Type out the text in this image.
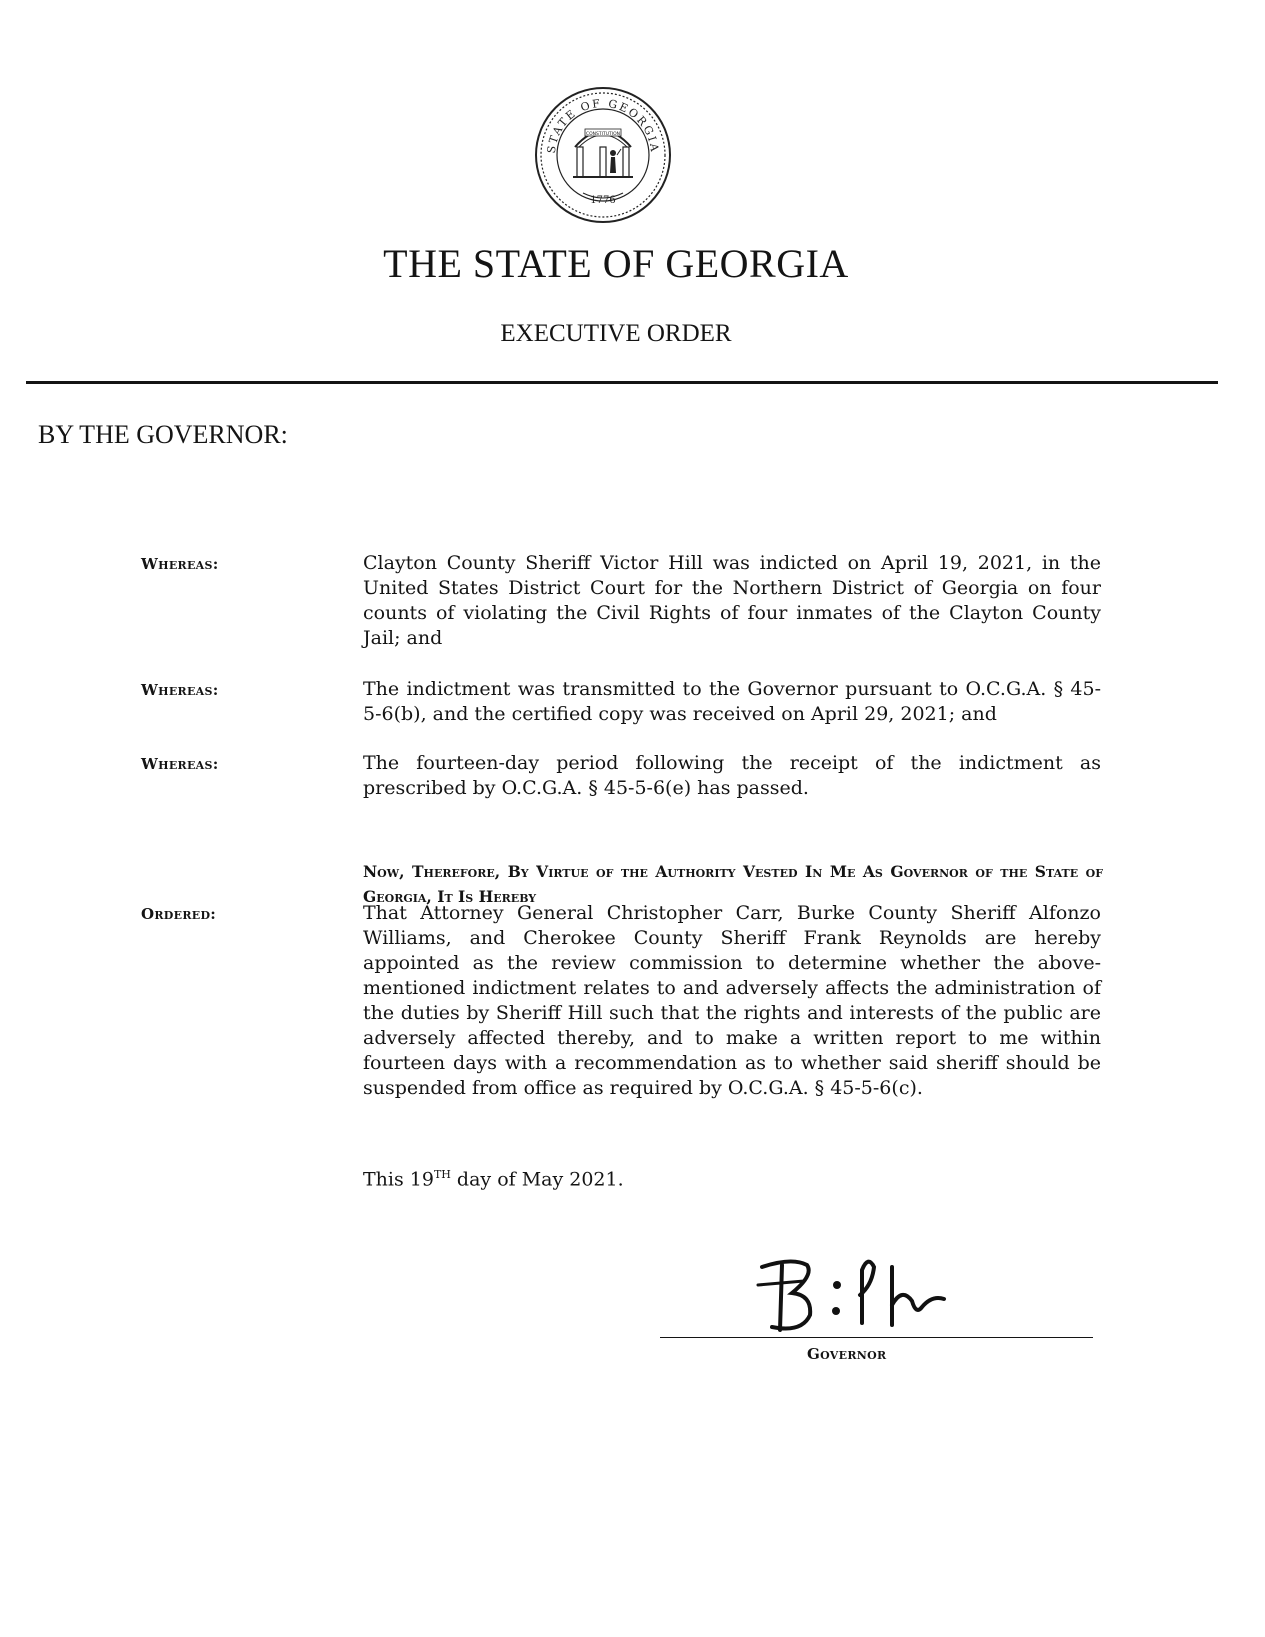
STATE OF GEORGIA
CONSTITUTION
1776
THE STATE OF GEORGIA
EXECUTIVE ORDER
BY THE GOVERNOR:
Whereas:	Clayton County Sheriff Victor Hill was indicted on April 19, 2021, in the United States District Court for the Northern District of Georgia on four counts of violating the Civil Rights of four inmates of the Clayton County Jail; and
Whereas:	The indictment was transmitted to the Governor pursuant to O.C.G.A. § 45-5-6(b), and the certified copy was received on April 29, 2021; and
Whereas:	The fourteen-day period following the receipt of the indictment as prescribed by O.C.G.A. § 45-5-6(e) has passed.
Now, Therefore, By Virtue of the Authority Vested In Me As Governor of the State of Georgia, It Is Hereby
Ordered:	That Attorney General Christopher Carr, Burke County Sheriff Alfonzo Williams, and Cherokee County Sheriff Frank Reynolds are hereby appointed as the review commission to determine whether the above-mentioned indictment relates to and adversely affects the administration of the duties by Sheriff Hill such that the rights and interests of the public are adversely affected thereby, and to make a written report to me within fourteen days with a recommendation as to whether said sheriff should be suspended from office as required by O.C.G.A. § 45-5-6(c).
This 19TH day of May 2021.
Governor
